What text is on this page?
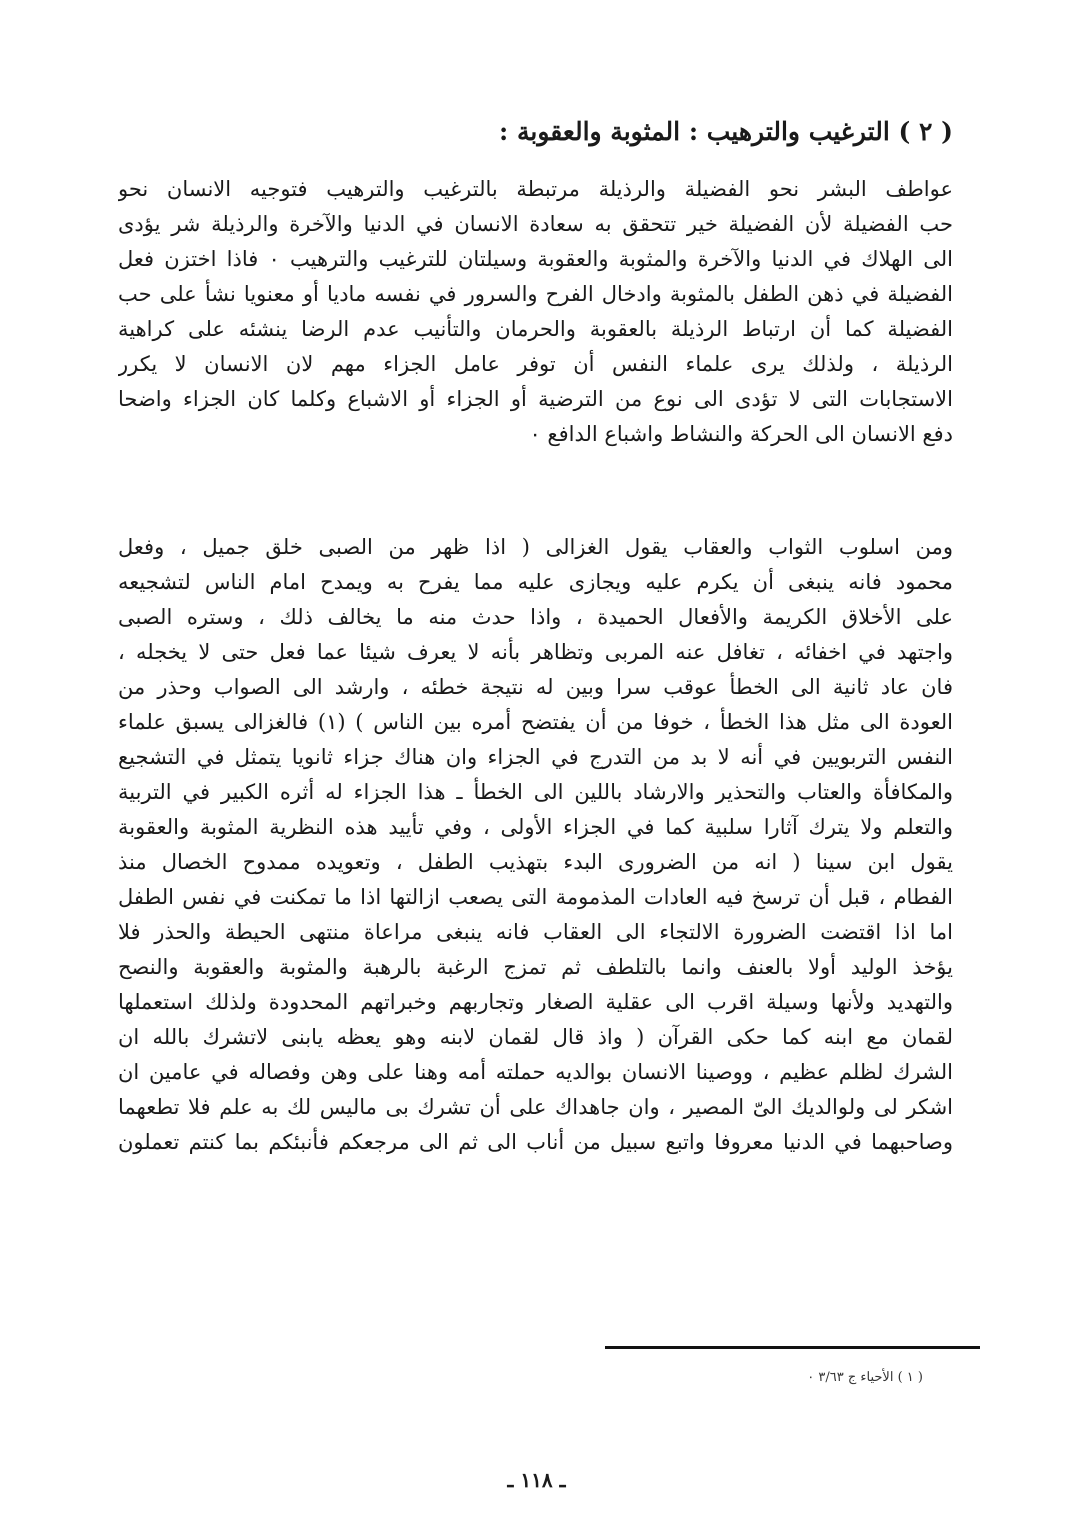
( ٢ ) الترغيب والترهيب : المثوبة والعقوبة :
عواطف البشر نحو الفضيلة والرذيلة مرتبطة بالترغيب والترهيب فتوجيه الانسان نحو
حب الفضيلة لأن الفضيلة خير تتحقق به سعادة الانسان في الدنيا والآخرة والرذيلة شر يؤدى
الى الهلاك في الدنيا والآخرة والمثوبة والعقوبة وسيلتان للترغيب والترهيب ٠ فاذا اختزن فعل
الفضيلة في ذهن الطفل بالمثوبة وادخال الفرح والسرور في نفسه ماديا أو معنويا نشأ على حب
الفضيلة كما أن ارتباط الرذيلة بالعقوبة والحرمان والتأنيب عدم الرضا ينشئه على كراهية
الرذيلة ، ولذلك يرى علماء النفس أن توفر عامل الجزاء مهم لان الانسان لا يكرر
الاستجابات التى لا تؤدى الى نوع من الترضية أو الجزاء أو الاشباع وكلما كان الجزاء واضحا
دفع الانسان الى الحركة والنشاط واشباع الدافع ٠
ومن اسلوب الثواب والعقاب يقول الغزالى ( اذا ظهر من الصبى خلق جميل ، وفعل
محمود فانه ينبغى أن يكرم عليه ويجازى عليه مما يفرح به ويمدح امام الناس لتشجيعه
على الأخلاق الكريمة والأفعال الحميدة ، واذا حدث منه ما يخالف ذلك ، وستره الصبى
واجتهد في اخفائه ، تغافل عنه المربى وتظاهر بأنه لا يعرف شيئا عما فعل حتى لا يخجله ،
فان عاد ثانية الى الخطأ عوقب سرا وبين له نتيجة خطئه ، وارشد الى الصواب وحذر من
العودة الى مثل هذا الخطأ ، خوفا من أن يفتضح أمره بين الناس ) (١) فالغزالى يسبق علماء
النفس التربويين في أنه لا بد من التدرج في الجزاء وان هناك جزاء ثانويا يتمثل في التشجيع
والمكافأة والعتاب والتحذير والارشاد باللين الى الخطأ ـ هذا الجزاء له أثره الكبير في التربية
والتعلم ولا يترك آثارا سلبية كما في الجزاء الأولى ، وفي تأييد هذه النظرية المثوبة والعقوبة
يقول ابن سينا ( انه من الضرورى البدء بتهذيب الطفل ، وتعويده ممدوح الخصال منذ
الفطام ، قبل أن ترسخ فيه العادات المذمومة التى يصعب ازالتها اذا ما تمكنت في نفس الطفل
اما اذا اقتضت الضرورة الالتجاء الى العقاب فانه ينبغى مراعاة منتهى الحيطة والحذر فلا
يؤخذ الوليد أولا بالعنف وانما بالتلطف ثم تمزج الرغبة بالرهبة والمثوبة والعقوبة والنصح
والتهديد ولأنها وسيلة اقرب الى عقلية الصغار وتجاربهم وخبراتهم المحدودة ولذلك استعملها
لقمان مع ابنه كما حكى القرآن ( واذ قال لقمان لابنه وهو يعظه يابنى لاتشرك بالله ان
الشرك لظلم عظيم ، ووصينا الانسان بوالديه حملته أمه وهنا على وهن وفصاله في عامين ان
اشكر لى ولوالديك الىّ المصير ، وان جاهداك على أن تشرك بى ماليس لك به علم فلا تطعهما
وصاحبهما في الدنيا معروفا واتبع سبيل من أناب الى ثم الى مرجعكم فأنبئكم بما كنتم تعملون
( ١ ) الأحياء ج ٣/٦٣ ٠
ـ ١١٨ ـ
